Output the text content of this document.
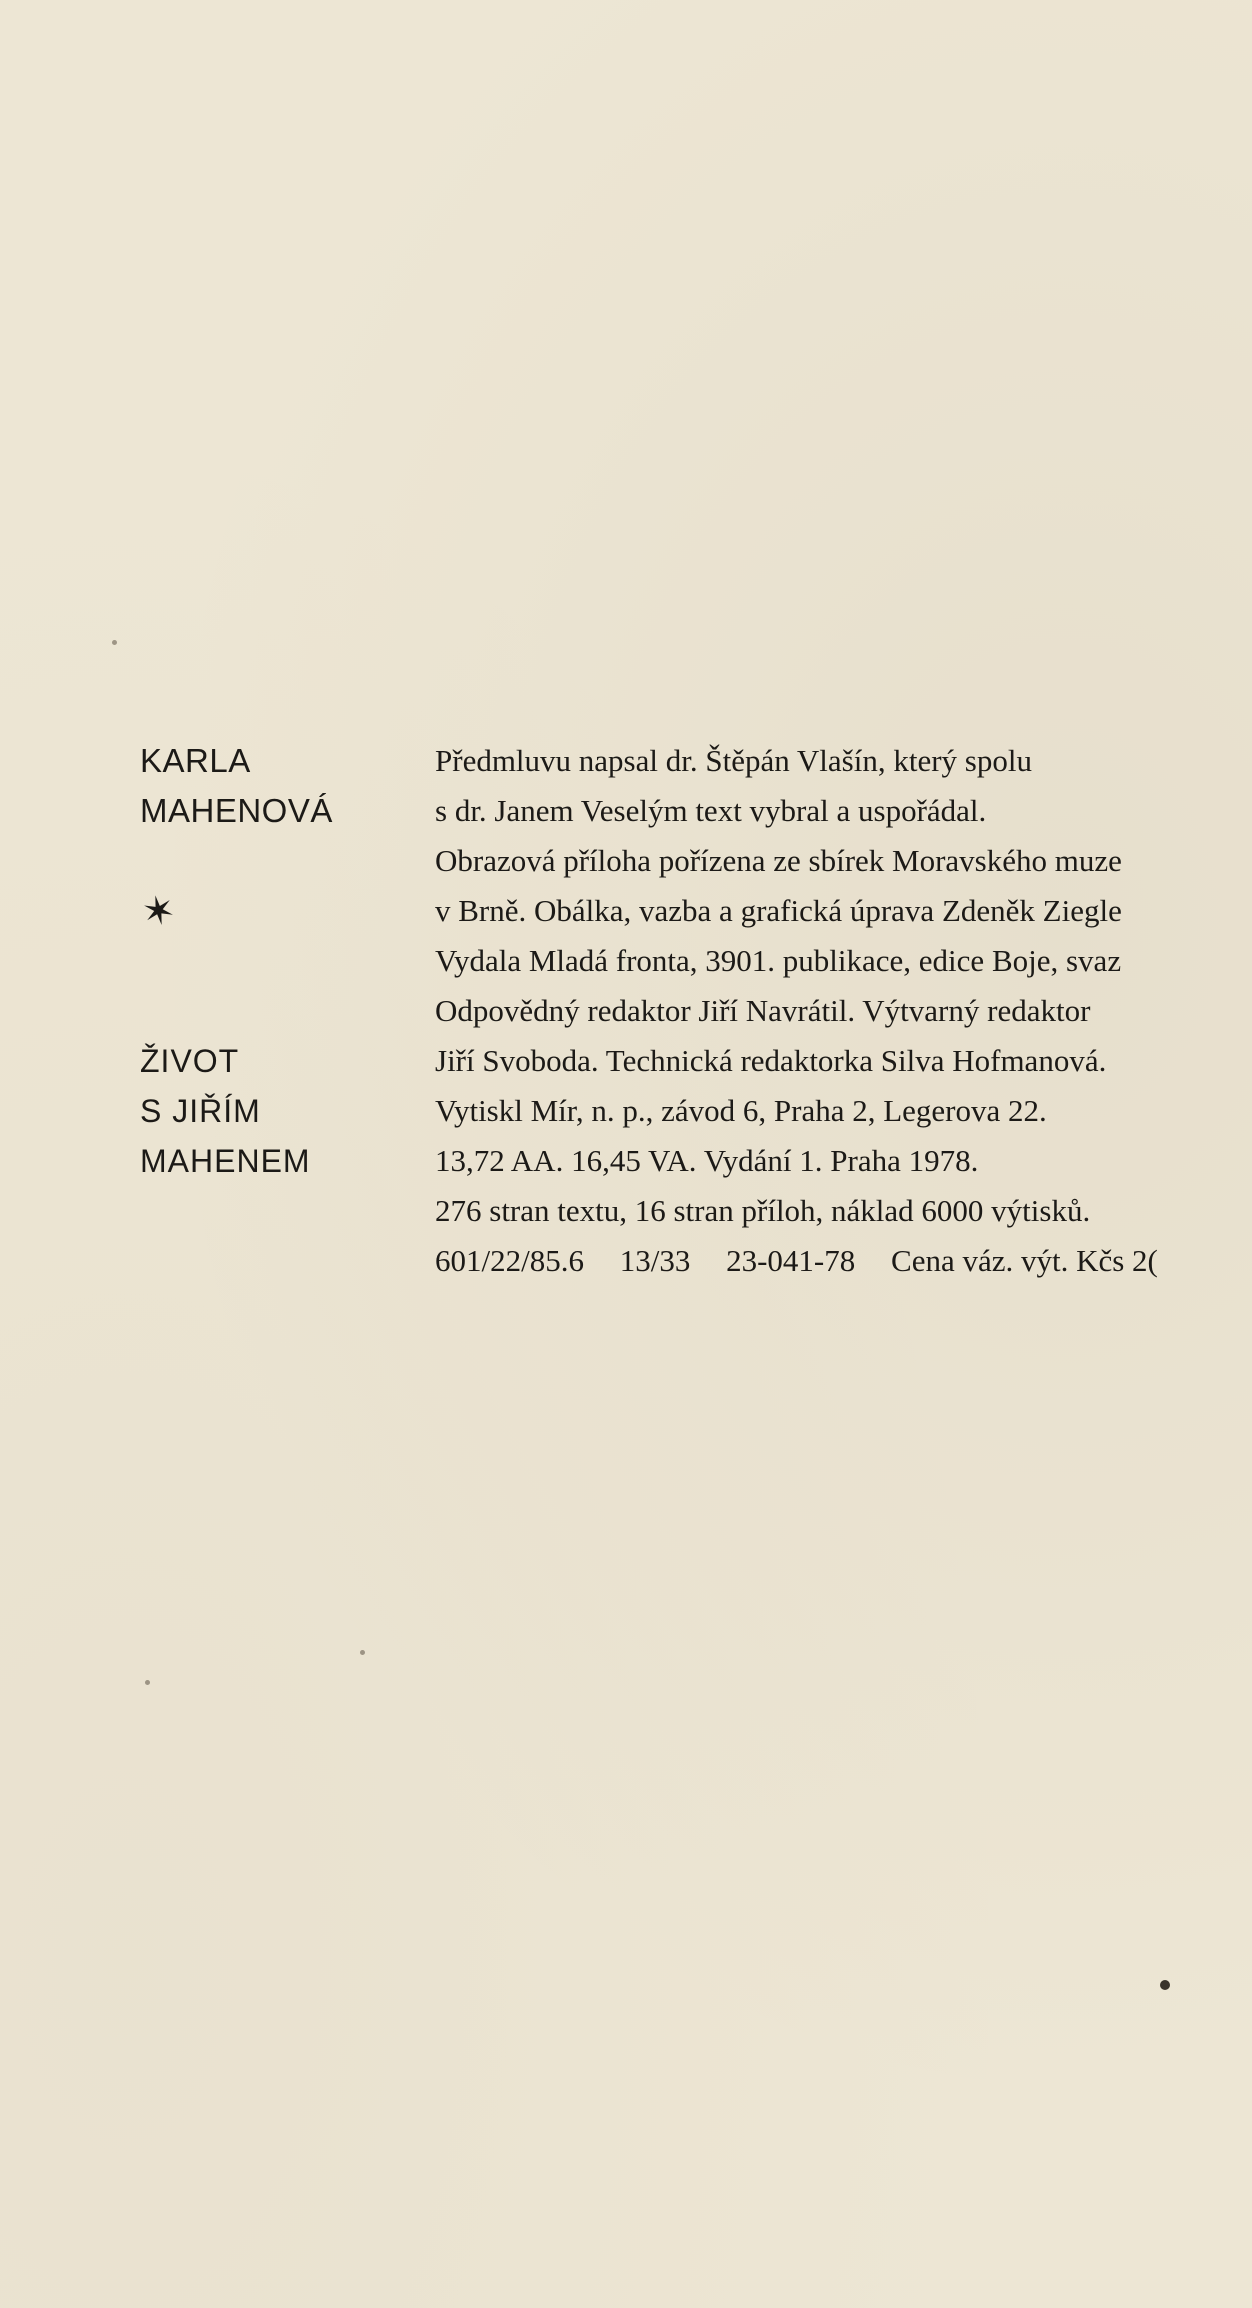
KARLA
MAHENOVÁ
✶
ŽIVOT
S JIŘÍM
MAHENEM
Předmluvu napsal dr. Štěpán Vlašín, který spolu
s dr. Janem Veselým text vybral a uspořádal.
Obrazová příloha pořízena ze sbírek Moravského muze
v Brně. Obálka, vazba a grafická úprava Zdeněk Ziegle
Vydala Mladá fronta, 3901. publikace, edice Boje, svaz
Odpovědný redaktor Jiří Navrátil. Výtvarný redaktor
Jiří Svoboda. Technická redaktorka Silva Hofmanová.
Vytiskl Mír, n. p., závod 6, Praha 2, Legerova 22.
13,72 AA. 16,45 VA. Vydání 1. Praha 1978.
276 stran textu, 16 stran příloh, náklad 6000 výtisků.
601/22/85.6 13/33 23-041-78 Cena váz. výt. Kčs 2(
